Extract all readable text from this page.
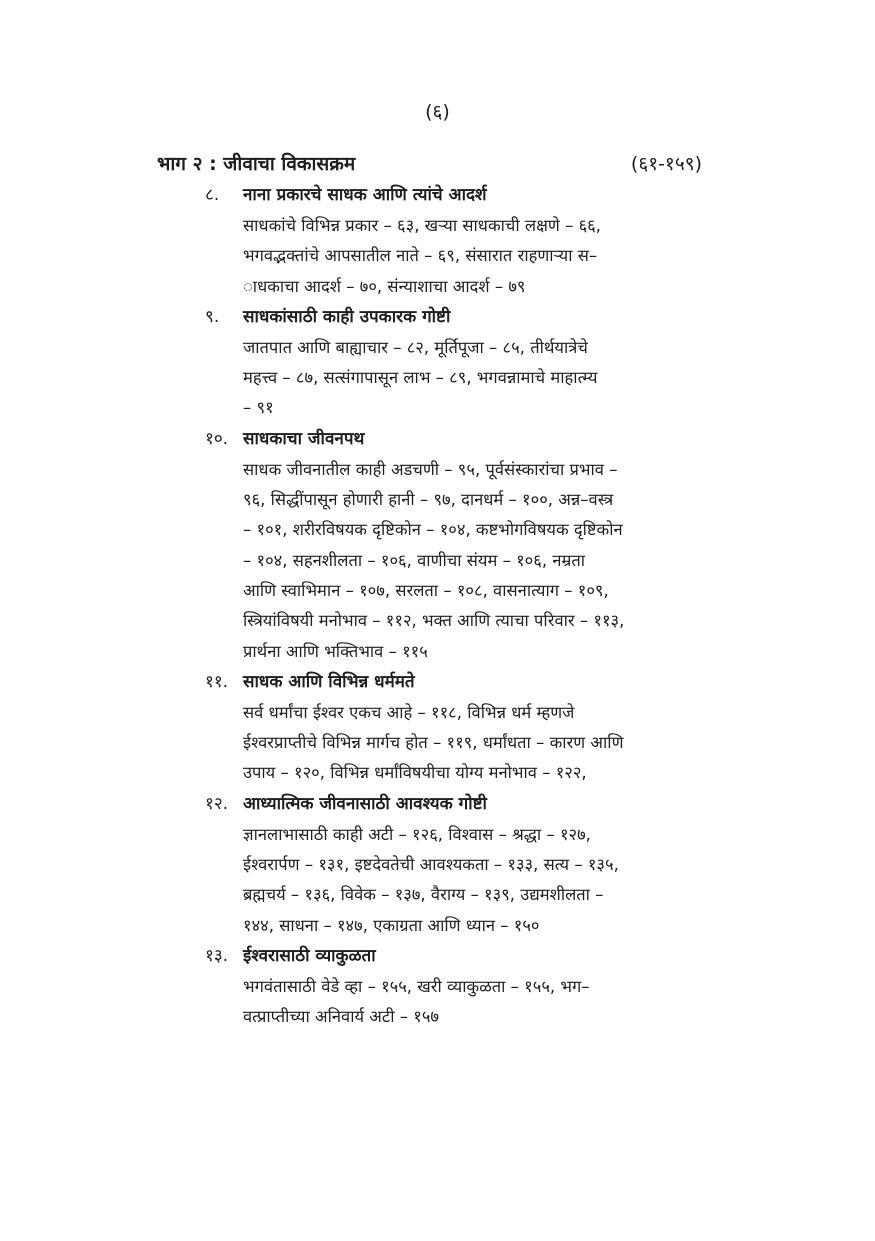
(६)
भाग २ : जीवाचा विकासक्रम	(६१-१५९)
८. नाना प्रकारचे साधक आणि त्यांचे आदर्श
साधकांचे विभिन्न प्रकार – ६३, खऱ्या साधकाची लक्षणे – ६६,
भगवद्भक्तांचे आपसातील नाते – ६९, संसारात राहणाऱ्या स–
ाधकाचा आदर्श – ७०, संन्याशाचा आदर्श – ७९
९. साधकांसाठी काही उपकारक गोष्टी
जातपात आणि बाह्याचार – ८२, मूर्तिपूजा – ८५, तीर्थयात्रेचे
महत्त्व – ८७, सत्संगापासून लाभ – ८९, भगवन्नामाचे माहात्म्य
– ९१
१०. साधकाचा जीवनपथ
साधक जीवनातील काही अडचणी – ९५, पूर्वसंस्कारांचा प्रभाव –
९६, सिद्धींपासून होणारी हानी – ९७, दानधर्म – १००, अन्न–वस्त्र
– १०१, शरीरविषयक दृष्टिकोन – १०४, कष्टभोगविषयक दृष्टिकोन
– १०४, सहनशीलता – १०६, वाणीचा संयम – १०६, नम्रता
आणि स्वाभिमान – १०७, सरलता – १०८, वासनात्याग – १०९,
स्त्रियांविषयी मनोभाव – ११२, भक्त आणि त्याचा परिवार – ११३,
प्रार्थना आणि भक्तिभाव – ११५
११. साधक आणि विभिन्न धर्ममते
सर्व धर्मांचा ईश्वर एकच आहे – ११८, विभिन्न धर्म म्हणजे
ईश्वरप्राप्तीचे विभिन्न मार्गच होत – ११९, धर्मांधता – कारण आणि
उपाय – १२०, विभिन्न धर्मांविषयीचा योग्य मनोभाव – १२२,
१२. आध्यात्मिक जीवनासाठी आवश्यक गोष्टी
ज्ञानलाभासाठी काही अटी – १२६, विश्वास – श्रद्धा – १२७,
ईश्वरार्पण – १३१, इष्टदेवतेची आवश्यकता – १३३, सत्य – १३५,
ब्रह्मचर्य – १३६, विवेक – १३७, वैराग्य – १३९, उद्यमशीलता –
१४४, साधना – १४७, एकाग्रता आणि ध्यान – १५०
१३. ईश्वरासाठी व्याकुळता
भगवंतासाठी वेडे व्हा – १५५, खरी व्याकुळता – १५५, भग–
वत्प्राप्तीच्या अनिवार्य अटी – १५७
